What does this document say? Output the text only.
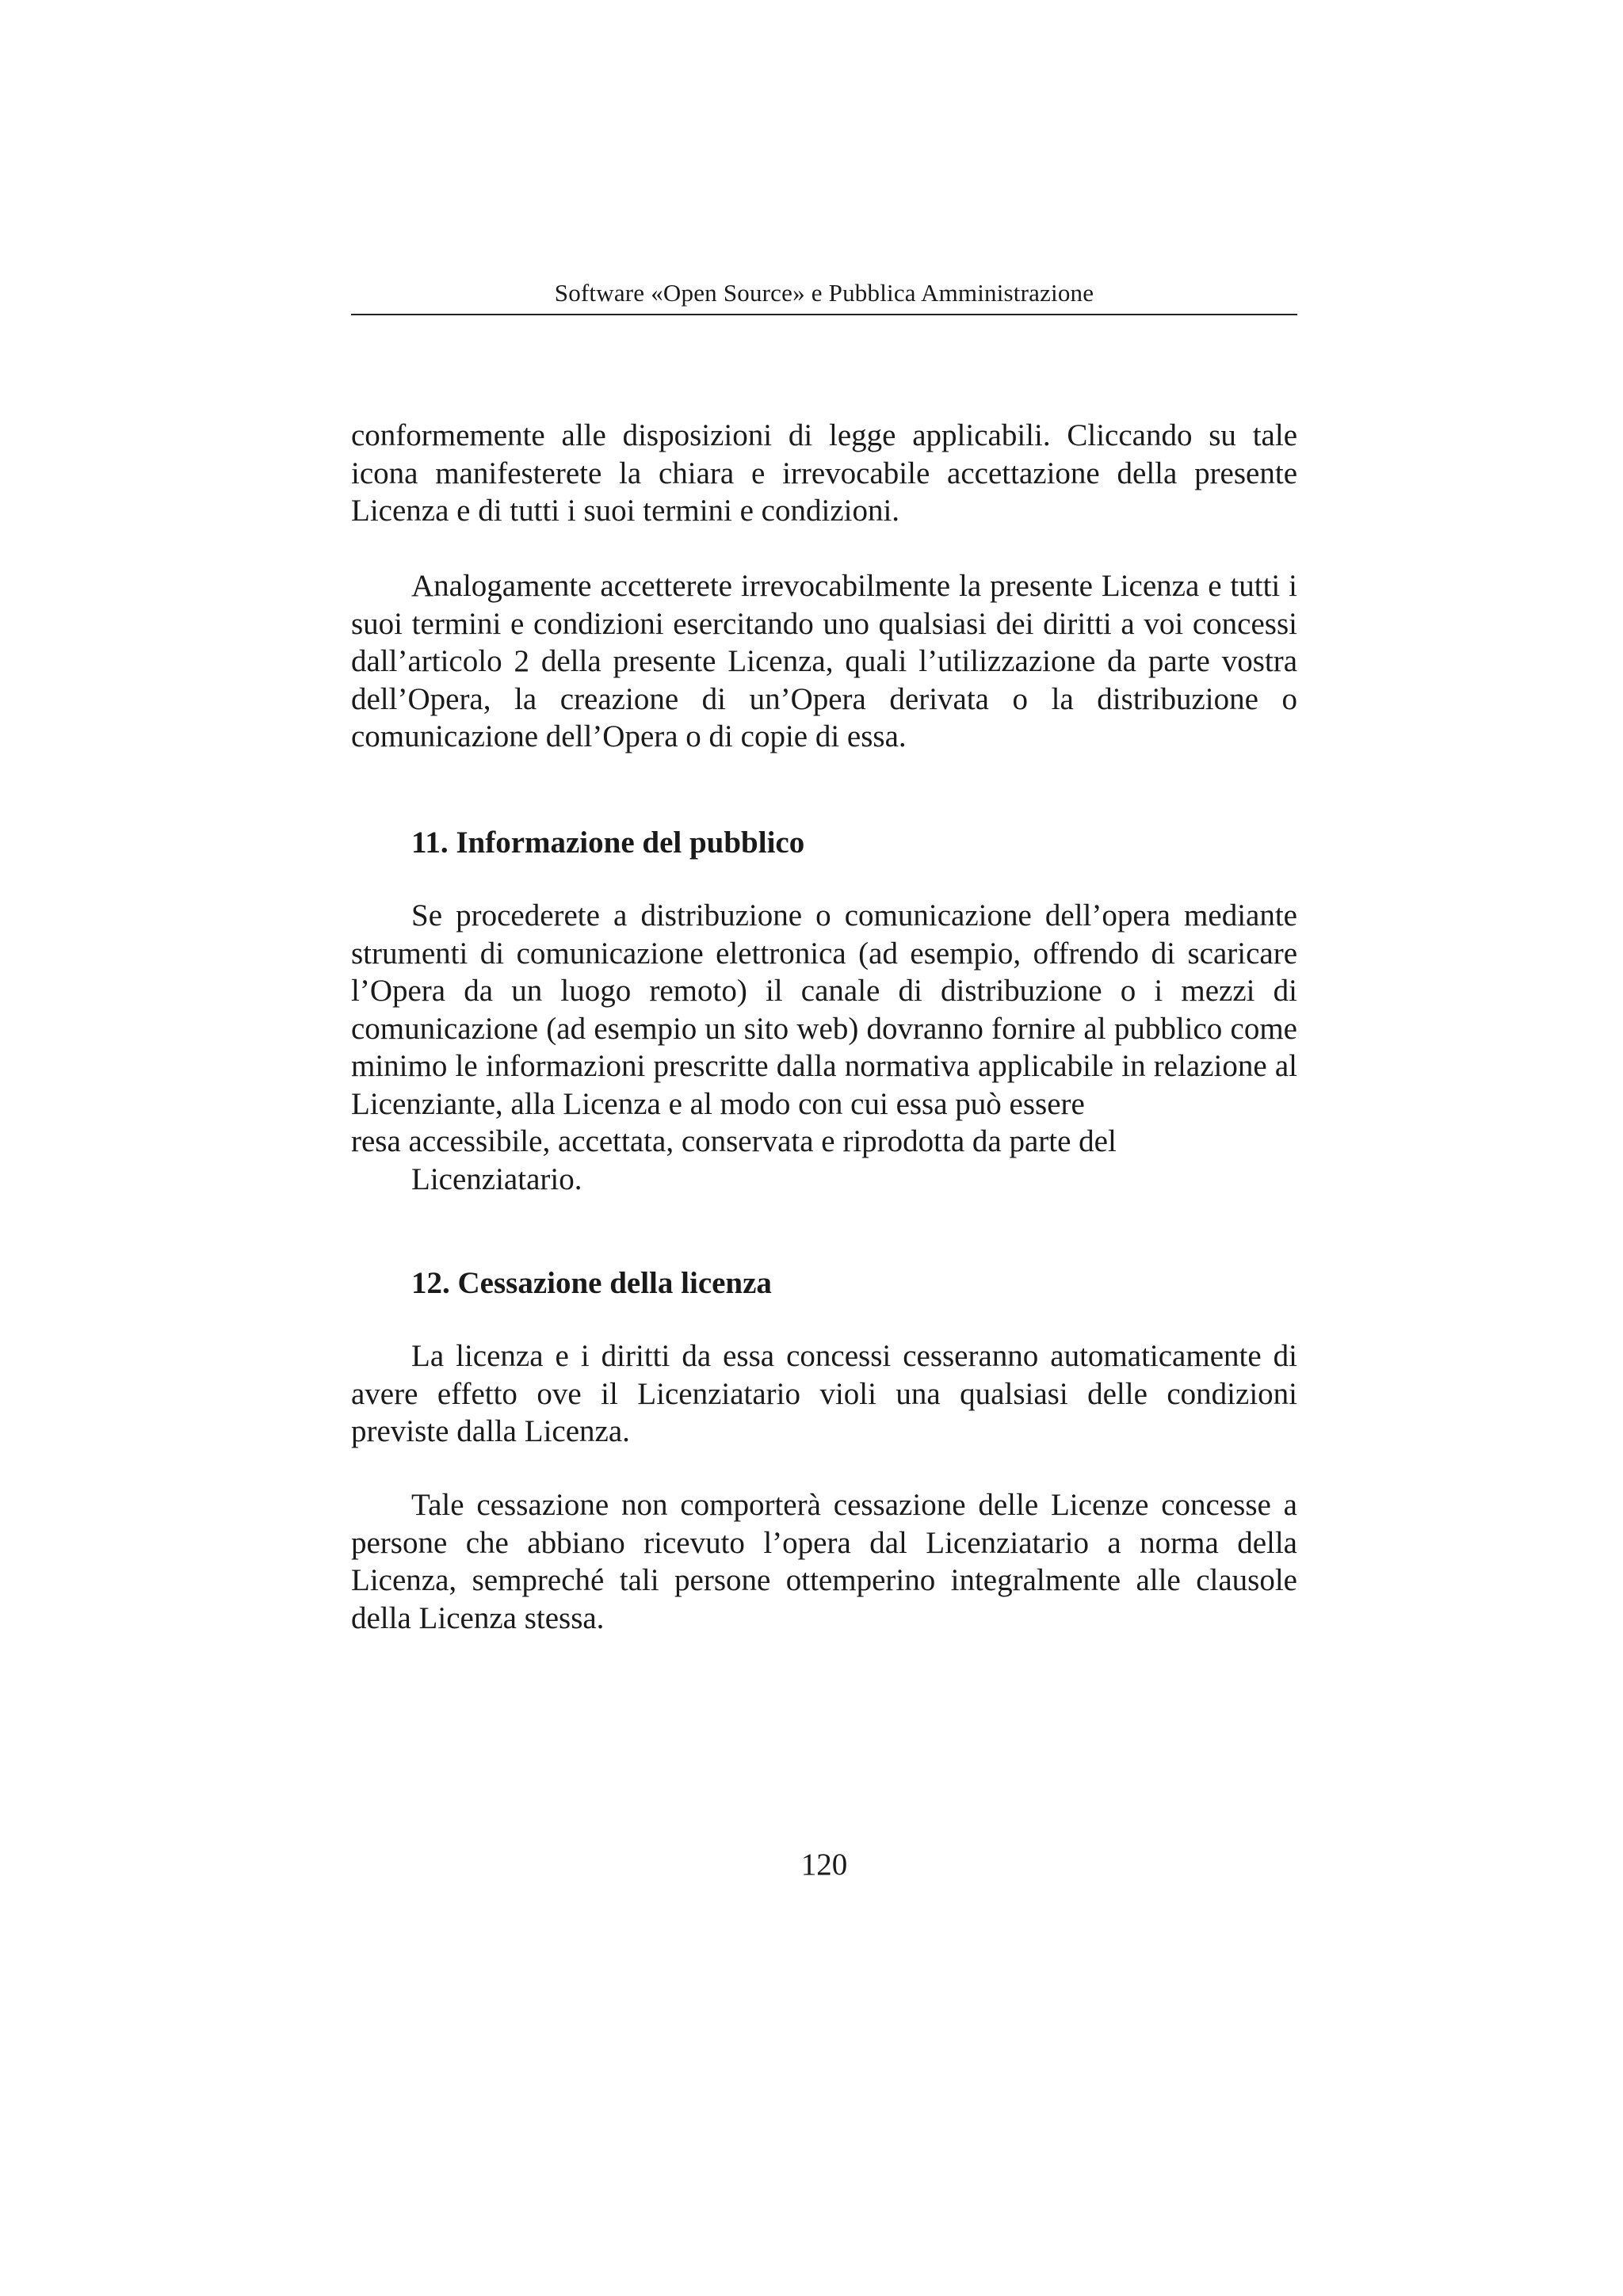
Software «Open Source» e Pubblica Amministrazione

conformemente alle disposizioni di legge applicabili. Cliccando su tale icona manifesterete la chiara e irrevocabile accettazione della presente Licenza e di tutti i suoi termini e condizioni.

Analogamente accetterete irrevocabilmente la presente Licenza e tutti i suoi termini e condizioni esercitando uno qualsiasi dei diritti a voi concessi dall’articolo 2 della presente Licenza, quali l’utilizzazione da parte vostra dell’Opera, la creazione di un’Opera derivata o la distribuzione o comunicazione dell’Opera o di copie di essa.

11. Informazione del pubblico

Se procederete a distribuzione o comunicazione dell’opera mediante strumenti di comunicazione elettronica (ad esempio, offrendo di scaricare l’Opera da un luogo remoto) il canale di distribuzione o i mezzi di comunicazione (ad esempio un sito web) dovranno fornire al pubblico come minimo le informazioni prescritte dalla normativa applicabile in relazione al Licenziante, alla Licenza e al modo con cui essa può essere

resa accessibile, accettata, conservata e riprodotta da parte del

Licenziatario.

12. Cessazione della licenza

La licenza e i diritti da essa concessi cesseranno automaticamente di avere effetto ove il Licenziatario violi una qualsiasi delle condizioni previste dalla Licenza.

Tale cessazione non comporterà cessazione delle Licenze concesse a persone che abbiano ricevuto l’opera dal Licenziatario a norma della Licenza, sempreché tali persone ottemperino integralmente alle clausole della Licenza stessa.

120
